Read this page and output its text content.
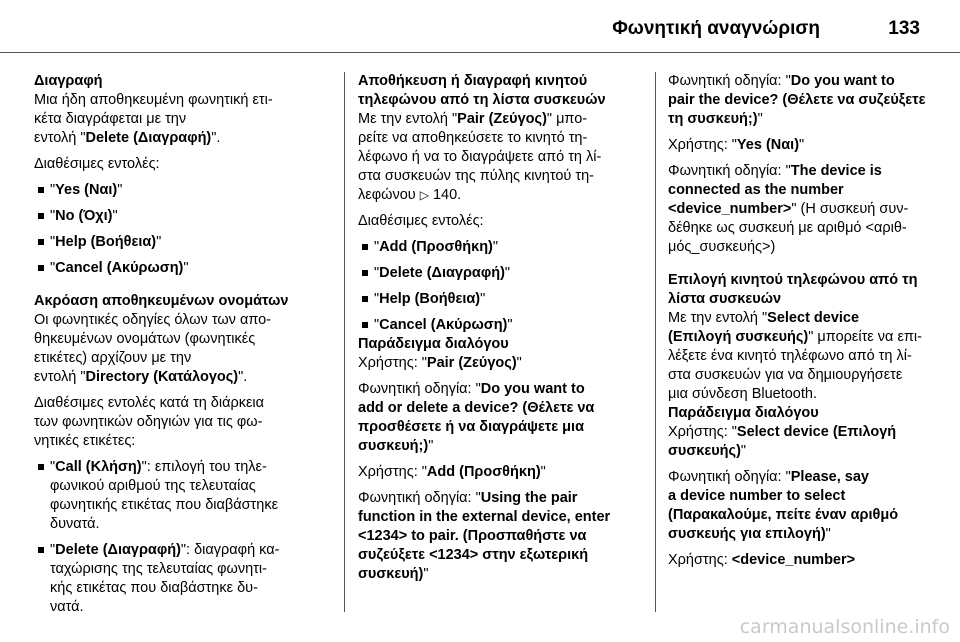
Φωνητική αναγνώριση	133

Διαγραφή

Μια ήδη αποθηκευμένη φωνητική ετι-

κέτα διαγράφεται με την

εντολή "Delete (Διαγραφή)".

Διαθέσιμες εντολές:

"Yes (Ναι)"

"No (Όχι)"

"Help (Βοήθεια)"

"Cancel (Ακύρωση)"

Ακρόαση αποθηκευμένων ονομάτων

Οι φωνητικές οδηγίες όλων των απο-

θηκευμένων ονομάτων (φωνητικές

ετικέτες) αρχίζουν με την

εντολή "Directory (Κατάλογος)".

Διαθέσιμες εντολές κατά τη διάρκεια

των φωνητικών οδηγιών για τις φω-

νητικές ετικέτες:

"Call (Κλήση)": επιλογή του τηλε-
φωνικού αριθμού της τελευταίας
φωνητικής ετικέτας που διαβάστηκε
δυνατά.
"Delete (Διαγραφή)": διαγραφή κα-
ταχώρισης της τελευταίας φωνητι-
κής ετικέτας που διαβάστηκε δυ-
νατά.

Αποθήκευση ή διαγραφή κινητού

τηλεφώνου από τη λίστα συσκευών

Με την εντολή "Pair (Ζεύγος)" μπο-

ρείτε να αποθηκεύσετε το κινητό τη-

λέφωνο ή να το διαγράψετε από τη λί-

στα συσκευών της πύλης κινητού τη-

λεφώνου ▷ 140.

Διαθέσιμες εντολές:

"Add (Προσθήκη)"

"Delete (Διαγραφή)"

"Help (Βοήθεια)"

"Cancel (Ακύρωση)"

Παράδειγμα διαλόγου

Χρήστης: "Pair (Ζεύγος)"

Φωνητική οδηγία: "Do you want to
add or delete a device? (Θέλετε να
προσθέσετε ή να διαγράψετε μια
συσκευή;)"

Χρήστης: "Add (Προσθήκη)"

Φωνητική οδηγία: "Using the pair
function in the external device, enter
<1234> to pair. (Προσπαθήστε να
συζεύξετε <1234> στην εξωτερική
συσκευή)"
Φωνητική οδηγία: "Do you want to
pair the device? (Θέλετε να συζεύξετε
τη συσκευή;)"

Χρήστης: "Yes (Ναι)"

Φωνητική οδηγία: "The device is
connected as the number
<device_number>" (Η συσκευή συν-
δέθηκε ως συσκευή με αριθμό <αριθ-
μός_συσκευής>)

Επιλογή κινητού τηλεφώνου από τη

λίστα συσκευών

Με την εντολή "Select device

(Επιλογή συσκευής)" μπορείτε να επι-

λέξετε ένα κινητό τηλέφωνο από τη λί-

στα συσκευών για να δημιουργήσετε

μια σύνδεση Bluetooth.

Παράδειγμα διαλόγου

Χρήστης: "Select device (Επιλογή
συσκευής)"
Φωνητική οδηγία: "Please, say
a device number to select
(Παρακαλούμε, πείτε έναν αριθμό
συσκευής για επιλογή)"

Χρήστης: <device_number>

carmanualsonline.info
